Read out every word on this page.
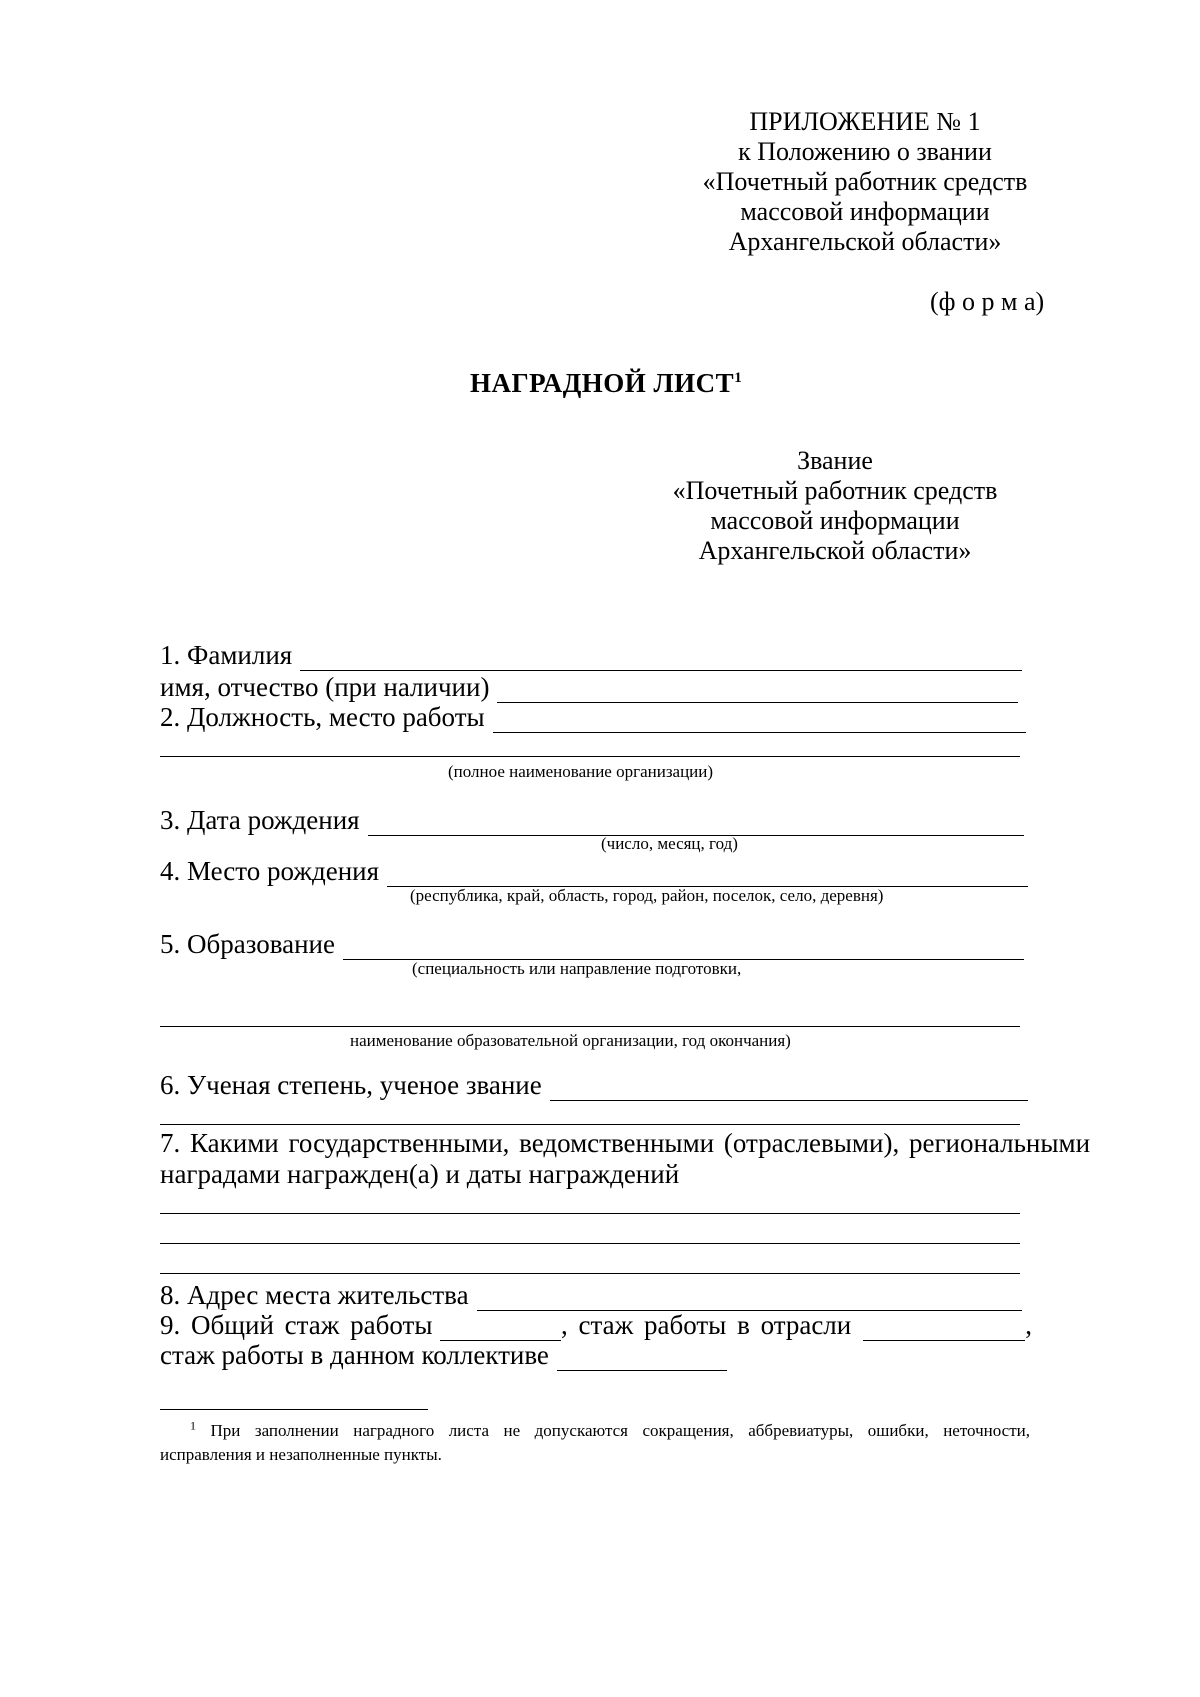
ПРИЛОЖЕНИЕ № 1
к Положению о звании
«Почетный работник средств
массовой информации
Архангельской области»
(ф о р м а)
НАГРАДНОЙ ЛИСТ$^1$
Звание
«Почетный работник средств
массовой информации
Архангельской области»
1. Фамилия
имя, отчество (при наличии)
2. Должность, место работы
(полное наименование организации)
3. Дата рождения
(число, месяц, год)
4. Место рождения
(республика, край, область, город, район, поселок, село, деревня)
5. Образование
(специальность или направление подготовки,
наименование образовательной организации, год окончания)
6. Ученая степень, ученое звание
7. Какими государственными, ведомственными (отраслевыми), региональными
наградами награжден(а) и даты награждений
8. Адрес места жительства
9. Общий стаж работы	, стаж работы в отрасли	,
стаж работы в данном коллективе
$^1$ При заполнении наградного листа не допускаются сокращения, аббревиатуры, ошибки, неточности,
исправления и незаполненные пункты.
